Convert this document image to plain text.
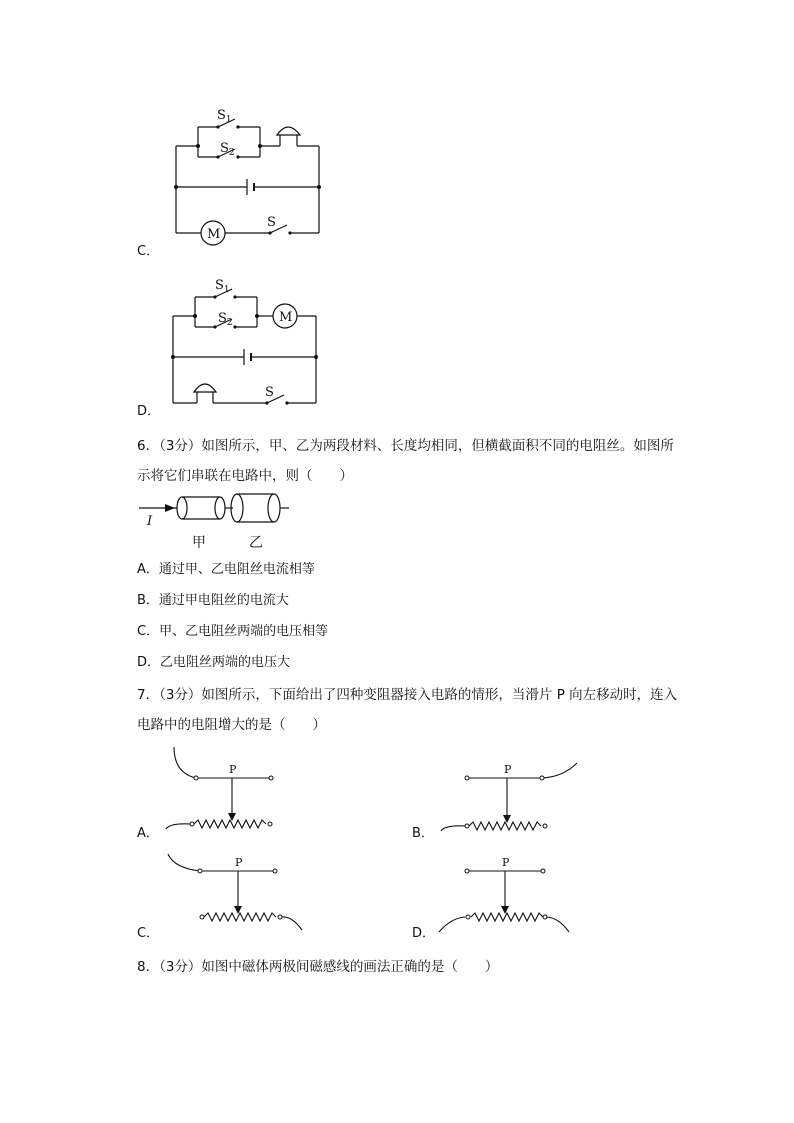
$S_1$
$S_2$
S
M
C．
$S_1$
$S_2$
S
M
D．
6．（3分）如图所示，甲、乙为两段材料、长度均相同，但横截面积不同的电阻丝。如图所
示将它们串联在电路中，则（　　）
I
甲	乙
A．通过甲、乙电阻丝电流相等
B．通过甲电阻丝的电流大
C．甲、乙电阻丝两端的电压相等
D．乙电阻丝两端的电压大
7．（3分）如图所示，下面给出了四种变阻器接入电路的情形，当滑片 P 向左移动时，连入
电路中的电阻增大的是（　　）
P
A．
P
B．
P
C．
P
D．
8．（3分）如图中磁体两极间磁感线的画法正确的是（　　）
